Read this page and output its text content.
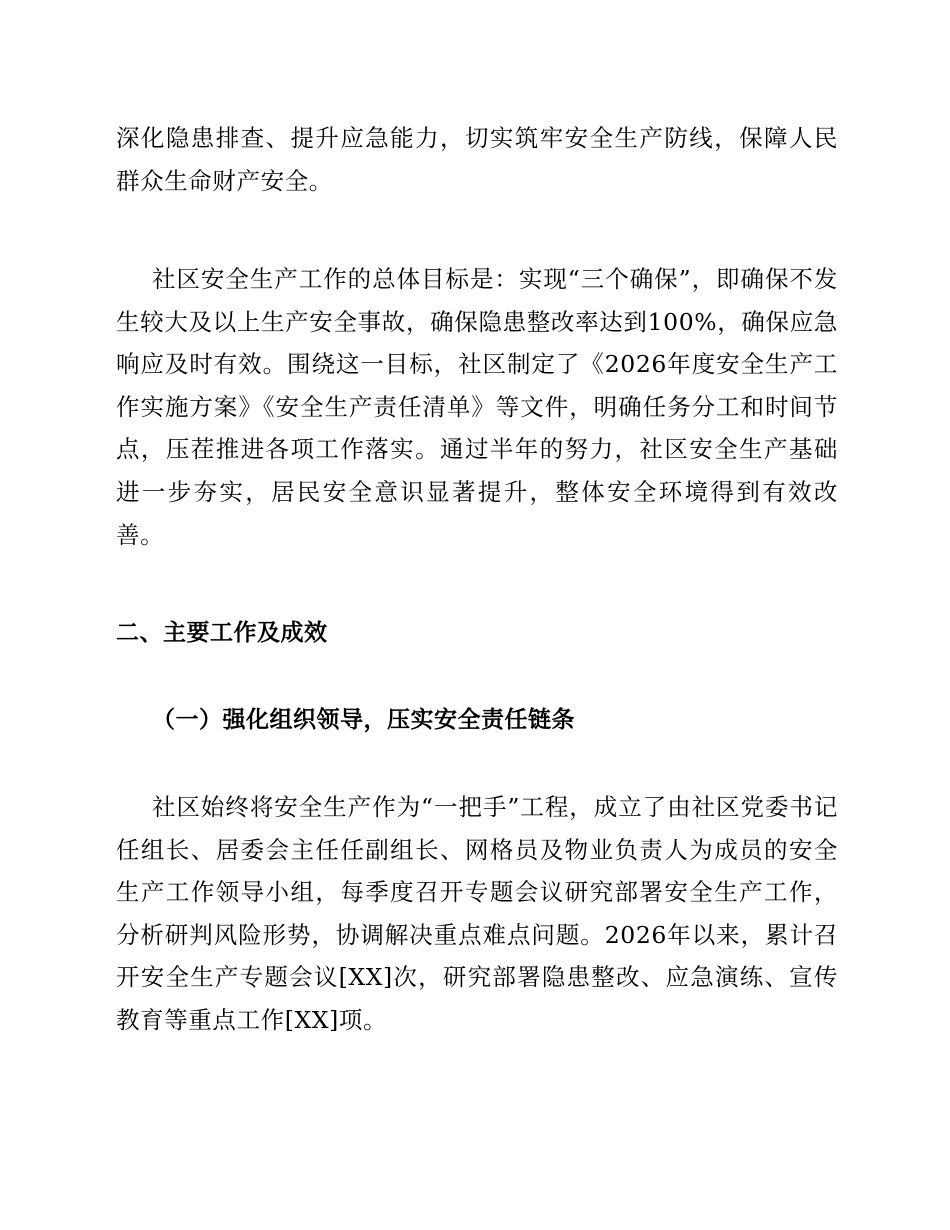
深化隐患排查、提升应急能力，切实筑牢安全生产防线，保障人民群众生命财产安全。

社区安全生产工作的总体目标是：实现“三个确保”，即确保不发生较大及以上生产安全事故，确保隐患整改率达到100%，确保应急响应及时有效。围绕这一目标，社区制定了《2026年度安全生产工作实施方案》《安全生产责任清单》等文件，明确任务分工和时间节点，压茬推进各项工作落实。通过半年的努力，社区安全生产基础进一步夯实，居民安全意识显著提升，整体安全环境得到有效改善。

二、主要工作及成效
（一）强化组织领导，压实安全责任链条

社区始终将安全生产作为“一把手”工程，成立了由社区党委书记任组长、居委会主任任副组长、网格员及物业负责人为成员的安全生产工作领导小组，每季度召开专题会议研究部署安全生产工作，分析研判风险形势，协调解决重点难点问题。2026年以来，累计召开安全生产专题会议[XX]次，研究部署隐患整改、应急演练、宣传教育等重点工作[XX]项。
